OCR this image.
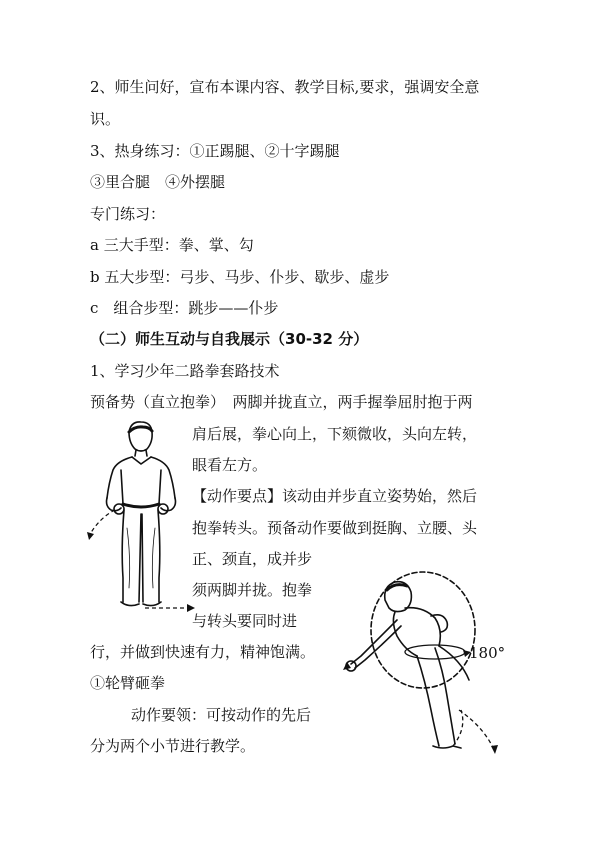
2、师生问好，宣布本课内容、教学目标,要求，强调安全意
识。
3、热身练习：①正踢腿、②十字踢腿
③里合腿　④外摆腿
专门练习：
a 三大手型：拳、掌、勾
b 五大步型：弓步、马步、仆步、歇步、虚步
c　组合步型：跳步——仆步
（二）师生互动与自我展示（30-32 分）
1、学习少年二路拳套路技术
预备势（直立抱拳）　两脚并拢直立，两手握拳屈肘抱于两
肩后展，拳心向上，下颏微收，头向左转，
眼看左方。
【动作要点】该动由并步直立姿势始，然后
抱拳转头。预备动作要做到挺胸、立腰、头
正、颈直，成并步
须两脚并拢。抱拳
与转头要同时进
行，并做到快速有力，精神饱满。
①轮臂砸拳
动作要领：可按动作的先后
分为两个小节进行教学。
180°
